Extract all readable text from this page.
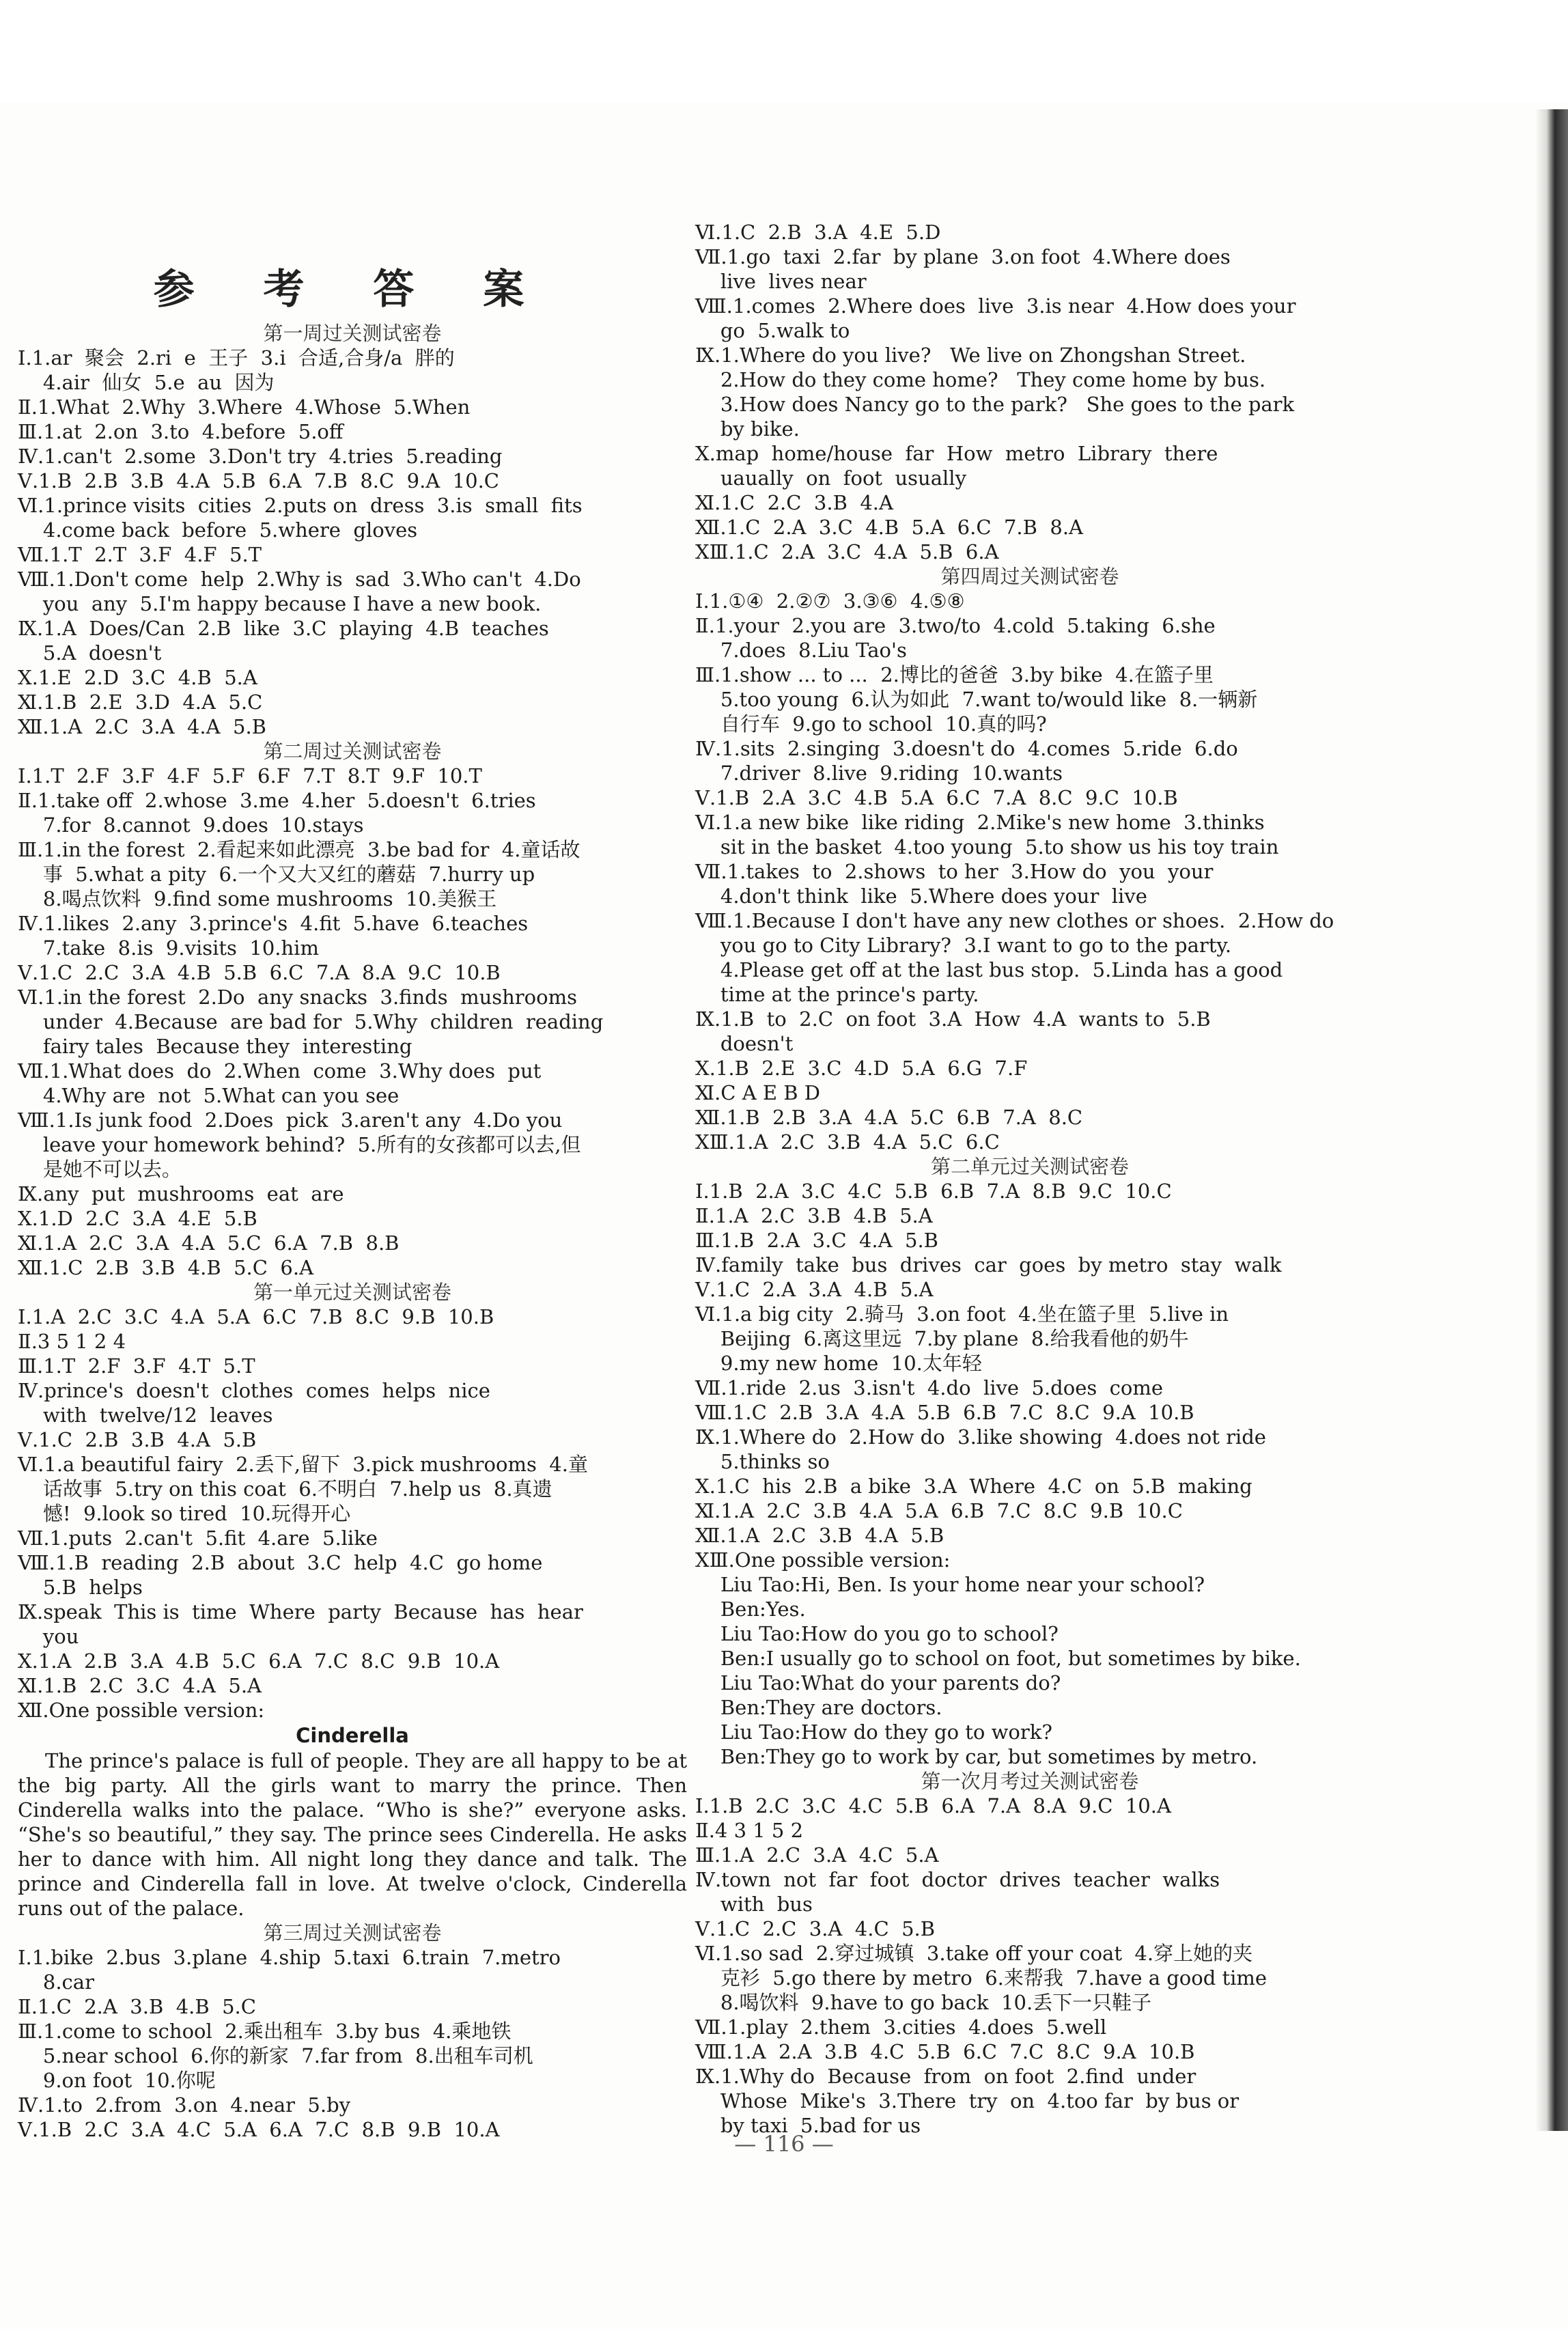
参 考 答 案
第一周过关测试密卷
Ⅰ.1.ar  聚会  2.ri  e  王子  3.i  合适,合身/a  胖的
4.air  仙女  5.e  au  因为
Ⅱ.1.What  2.Why  3.Where  4.Whose  5.When
Ⅲ.1.at  2.on  3.to  4.before  5.off
Ⅳ.1.can't  2.some  3.Don't try  4.tries  5.reading
Ⅴ.1.B  2.B  3.B  4.A  5.B  6.A  7.B  8.C  9.A  10.C
Ⅵ.1.prince visits  cities  2.puts on  dress  3.is  small  fits
4.come back  before  5.where  gloves
Ⅶ.1.T  2.T  3.F  4.F  5.T
Ⅷ.1.Don't come  help  2.Why is  sad  3.Who can't  4.Do
you  any  5.I'm happy because I have a new book.
Ⅸ.1.A  Does/Can  2.B  like  3.C  playing  4.B  teaches
5.A  doesn't
Ⅹ.1.E  2.D  3.C  4.B  5.A
Ⅺ.1.B  2.E  3.D  4.A  5.C
Ⅻ.1.A  2.C  3.A  4.A  5.B
第二周过关测试密卷
Ⅰ.1.T  2.F  3.F  4.F  5.F  6.F  7.T  8.T  9.F  10.T
Ⅱ.1.take off  2.whose  3.me  4.her  5.doesn't  6.tries
7.for  8.cannot  9.does  10.stays
Ⅲ.1.in the forest  2.看起来如此漂亮  3.be bad for  4.童话故
事  5.what a pity  6.一个又大又红的蘑菇  7.hurry up
8.喝点饮料  9.find some mushrooms  10.美猴王
Ⅳ.1.likes  2.any  3.prince's  4.fit  5.have  6.teaches
7.take  8.is  9.visits  10.him
Ⅴ.1.C  2.C  3.A  4.B  5.B  6.C  7.A  8.A  9.C  10.B
Ⅵ.1.in the forest  2.Do  any snacks  3.finds  mushrooms
under  4.Because  are bad for  5.Why  children  reading
fairy tales  Because they  interesting
Ⅶ.1.What does  do  2.When  come  3.Why does  put
4.Why are  not  5.What can you see
Ⅷ.1.Is junk food  2.Does  pick  3.aren't any  4.Do you
leave your homework behind?  5.所有的女孩都可以去,但
是她不可以去。
Ⅸ.any  put  mushrooms  eat  are
Ⅹ.1.D  2.C  3.A  4.E  5.B
Ⅺ.1.A  2.C  3.A  4.A  5.C  6.A  7.B  8.B
Ⅻ.1.C  2.B  3.B  4.B  5.C  6.A
第一单元过关测试密卷
Ⅰ.1.A  2.C  3.C  4.A  5.A  6.C  7.B  8.C  9.B  10.B
Ⅱ.3 5 1 2 4
Ⅲ.1.T  2.F  3.F  4.T  5.T
Ⅳ.prince's  doesn't  clothes  comes  helps  nice
with  twelve/12  leaves
Ⅴ.1.C  2.B  3.B  4.A  5.B
Ⅵ.1.a beautiful fairy  2.丢下,留下  3.pick mushrooms  4.童
话故事  5.try on this coat  6.不明白  7.help us  8.真遗
憾!  9.look so tired  10.玩得开心
Ⅶ.1.puts  2.can't  5.fit  4.are  5.like
Ⅷ.1.B  reading  2.B  about  3.C  help  4.C  go home
5.B  helps
Ⅸ.speak  This is  time  Where  party  Because  has  hear
you
Ⅹ.1.A  2.B  3.A  4.B  5.C  6.A  7.C  8.C  9.B  10.A
Ⅺ.1.B  2.C  3.C  4.A  5.A
Ⅻ.One possible version:
Cinderella
The prince's palace is full of people. They are all happy to be at the big party. All the girls want to marry the prince. Then Cinderella walks into the palace. “Who is she?” everyone asks. “She's so beautiful,” they say. The prince sees Cinderella. He asks her to dance with him. All night long they dance and talk. The prince and Cinderella fall in love. At twelve o'clock, Cinderella runs out of the palace.
第三周过关测试密卷
Ⅰ.1.bike  2.bus  3.plane  4.ship  5.taxi  6.train  7.metro
8.car
Ⅱ.1.C  2.A  3.B  4.B  5.C
Ⅲ.1.come to school  2.乘出租车  3.by bus  4.乘地铁
5.near school  6.你的新家  7.far from  8.出租车司机
9.on foot  10.你呢
Ⅳ.1.to  2.from  3.on  4.near  5.by
Ⅴ.1.B  2.C  3.A  4.C  5.A  6.A  7.C  8.B  9.B  10.A
Ⅵ.1.C  2.B  3.A  4.E  5.D
Ⅶ.1.go  taxi  2.far  by plane  3.on foot  4.Where does
live  lives near
Ⅷ.1.comes  2.Where does  live  3.is near  4.How does your
go  5.walk to
Ⅸ.1.Where do you live?   We live on Zhongshan Street.
2.How do they come home?   They come home by bus.
3.How does Nancy go to the park?   She goes to the park
by bike.
Ⅹ.map  home/house  far  How  metro  Library  there
uaually  on  foot  usually
Ⅺ.1.C  2.C  3.B  4.A
Ⅻ.1.C  2.A  3.C  4.B  5.A  6.C  7.B  8.A
ⅩⅢ.1.C  2.A  3.C  4.A  5.B  6.A
第四周过关测试密卷
Ⅰ.1.①④  2.②⑦  3.③⑥  4.⑤⑧
Ⅱ.1.your  2.you are  3.two/to  4.cold  5.taking  6.she
7.does  8.Liu Tao's
Ⅲ.1.show ... to ...  2.博比的爸爸  3.by bike  4.在篮子里
5.too young  6.认为如此  7.want to/would like  8.一辆新
自行车  9.go to school  10.真的吗?
Ⅳ.1.sits  2.singing  3.doesn't do  4.comes  5.ride  6.do
7.driver  8.live  9.riding  10.wants
Ⅴ.1.B  2.A  3.C  4.B  5.A  6.C  7.A  8.C  9.C  10.B
Ⅵ.1.a new bike  like riding  2.Mike's new home  3.thinks
sit in the basket  4.too young  5.to show us his toy train
Ⅶ.1.takes  to  2.shows  to her  3.How do  you  your
4.don't think  like  5.Where does your  live
Ⅷ.1.Because I don't have any new clothes or shoes.  2.How do
you go to City Library?  3.I want to go to the party.
4.Please get off at the last bus stop.  5.Linda has a good
time at the prince's party.
Ⅸ.1.B  to  2.C  on foot  3.A  How  4.A  wants to  5.B
doesn't
Ⅹ.1.B  2.E  3.C  4.D  5.A  6.G  7.F
Ⅺ.C A E B D
Ⅻ.1.B  2.B  3.A  4.A  5.C  6.B  7.A  8.C
ⅩⅢ.1.A  2.C  3.B  4.A  5.C  6.C
第二单元过关测试密卷
Ⅰ.1.B  2.A  3.C  4.C  5.B  6.B  7.A  8.B  9.C  10.C
Ⅱ.1.A  2.C  3.B  4.B  5.A
Ⅲ.1.B  2.A  3.C  4.A  5.B
Ⅳ.family  take  bus  drives  car  goes  by metro  stay  walk
Ⅴ.1.C  2.A  3.A  4.B  5.A
Ⅵ.1.a big city  2.骑马  3.on foot  4.坐在篮子里  5.live in
Beijing  6.离这里远  7.by plane  8.给我看他的奶牛
9.my new home  10.太年轻
Ⅶ.1.ride  2.us  3.isn't  4.do  live  5.does  come
Ⅷ.1.C  2.B  3.A  4.A  5.B  6.B  7.C  8.C  9.A  10.B
Ⅸ.1.Where do  2.How do  3.like showing  4.does not ride
5.thinks so
Ⅹ.1.C  his  2.B  a bike  3.A  Where  4.C  on  5.B  making
Ⅺ.1.A  2.C  3.B  4.A  5.A  6.B  7.C  8.C  9.B  10.C
Ⅻ.1.A  2.C  3.B  4.A  5.B
ⅩⅢ.One possible version:
Liu Tao:Hi, Ben. Is your home near your school?
Ben:Yes.
Liu Tao:How do you go to school?
Ben:I usually go to school on foot, but sometimes by bike.
Liu Tao:What do your parents do?
Ben:They are doctors.
Liu Tao:How do they go to work?
Ben:They go to work by car, but sometimes by metro.
第一次月考过关测试密卷
Ⅰ.1.B  2.C  3.C  4.C  5.B  6.A  7.A  8.A  9.C  10.A
Ⅱ.4 3 1 5 2
Ⅲ.1.A  2.C  3.A  4.C  5.A
Ⅳ.town  not  far  foot  doctor  drives  teacher  walks
with  bus
Ⅴ.1.C  2.C  3.A  4.C  5.B
Ⅵ.1.so sad  2.穿过城镇  3.take off your coat  4.穿上她的夹
克衫  5.go there by metro  6.来帮我  7.have a good time
8.喝饮料  9.have to go back  10.丢下一只鞋子
Ⅶ.1.play  2.them  3.cities  4.does  5.well
Ⅷ.1.A  2.A  3.B  4.C  5.B  6.C  7.C  8.C  9.A  10.B
Ⅸ.1.Why do  Because  from  on foot  2.find  under
Whose  Mike's  3.There  try  on  4.too far  by bus or
by taxi  5.bad for us
— 116 —
